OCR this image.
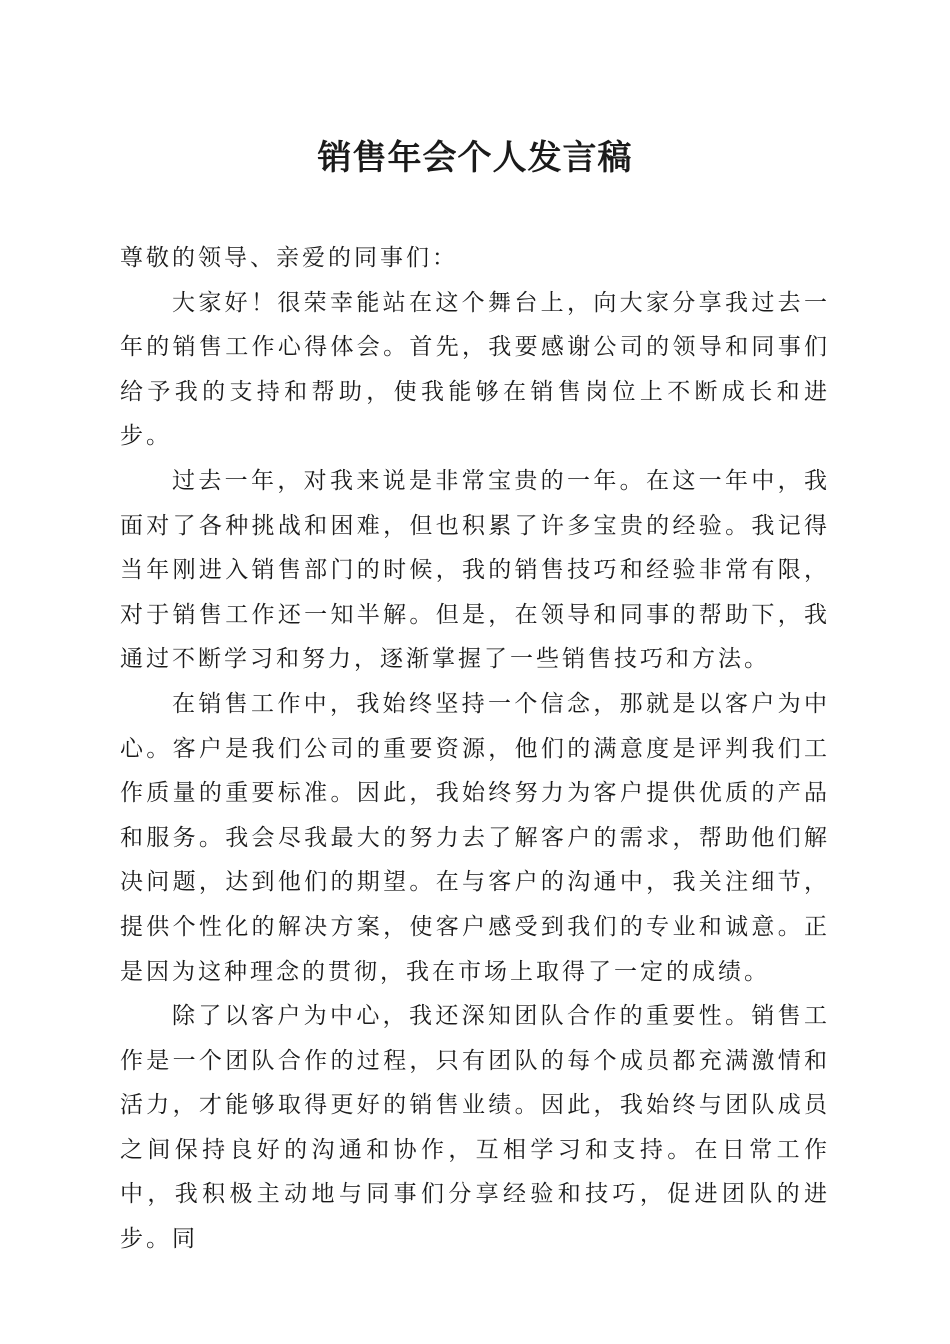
销售年会个人发言稿

尊敬的领导、亲爱的同事们：

大家好！很荣幸能站在这个舞台上，向大家分享我过去一年的销售工作心得体会。首先，我要感谢公司的领导和同事们给予我的支持和帮助，使我能够在销售岗位上不断成长和进步。

过去一年，对我来说是非常宝贵的一年。在这一年中，我面对了各种挑战和困难，但也积累了许多宝贵的经验。我记得当年刚进入销售部门的时候，我的销售技巧和经验非常有限，对于销售工作还一知半解。但是，在领导和同事的帮助下，我通过不断学习和努力，逐渐掌握了一些销售技巧和方法。

在销售工作中，我始终坚持一个信念，那就是以客户为中心。客户是我们公司的重要资源，他们的满意度是评判我们工作质量的重要标准。因此，我始终努力为客户提供优质的产品和服务。我会尽我最大的努力去了解客户的需求，帮助他们解决问题，达到他们的期望。在与客户的沟通中，我关注细节，提供个性化的解决方案，使客户感受到我们的专业和诚意。正是因为这种理念的贯彻，我在市场上取得了一定的成绩。

除了以客户为中心，我还深知团队合作的重要性。销售工作是一个团队合作的过程，只有团队的每个成员都充满激情和活力，才能够取得更好的销售业绩。因此，我始终与团队成员之间保持良好的沟通和协作，互相学习和支持。在日常工作中，我积极主动地与同事们分享经验和技巧，促进团队的进步。同
